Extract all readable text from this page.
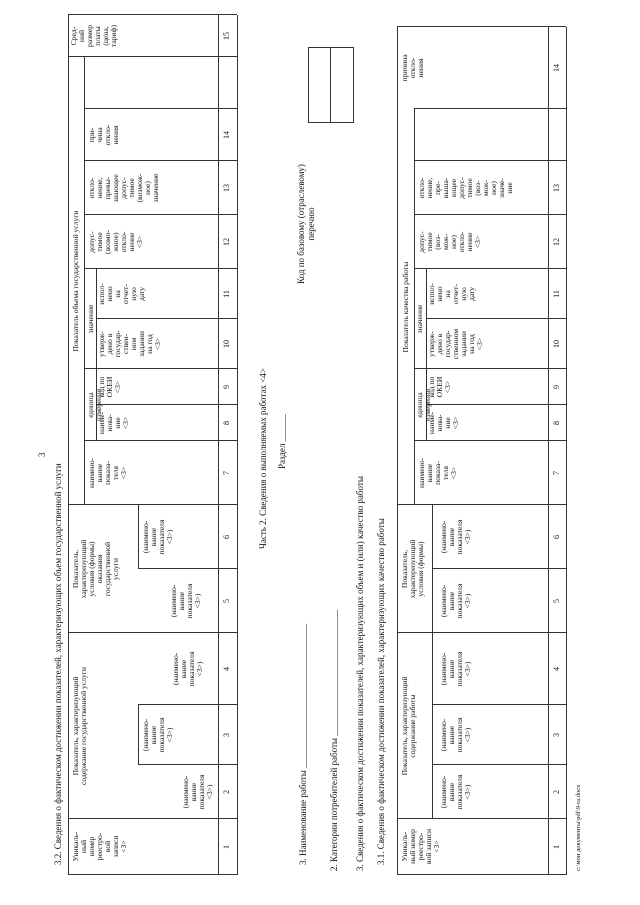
3
3.2. Сведения о фактическом достижении показателей, характеризующих объем государственной услуги Уникаль-
ный
номер
реестро-
вой
записи
<3>
Показатель, характеризующий
содержание государственной услуги
Показатель,
характеризующий
условия (формы)
оказания
государственной
услуги
Показатель объема государственной услуги
Сред-
ний
размер
платы
(цена,
тариф)
(наимено-
вание
показателя
<3>)
(наимено-
вание
показателя
<3>)
(наимено-
вание
показателя
<3>)
(наимено-
вание
показателя
<3>)
(наимено-
вание
показателя
<3>)
наимено-
вание
показа-
теля
<3>
единица
измерения
наиме-
нова-
ние
<3>
код по
ОКЕИ
<3>
значение
утверж-
дено в
государ-
ствен-
ном
задании
на год
<3>
испол-
нено
на
отчет-
ную
дату
допус-
тимое
(возмо-
жное)
откло-
нение
<3>
откло-
нение,
превы-
шающее
допус-
тимое
(возмож-
ное)
значение
при-
чина
откло-
нения
1
2
3
4
5
6
7
8
9
10
11
12
13
14
15
Часть 2. Сведения о выполняемых работах <4> Раздел ______
3. Наименование работы ________________________________
Код по базовому (отраслевому)
перечню
2. Категории потребителей работы ____________________________ 3. Сведения о фактическом достижении показателей, характеризующих объем и (или) качество работы 3.1. Сведения о фактическом достижении показателей, характеризующих качество работы Уникаль-
ный номер
реестро-
вой записи
<3>
Показатель, характеризующий
содержание работы
Показатель,
характеризующий
условия (формы)
Показатель качества работы
причина
откло-
нения
(наимено-
вание
показателя
<3>)
(наимено-
вание
показателя
<3>)
(наимено-
вание
показателя
<3>)
(наимено-
вание
показателя
<3>)
(наимено-
вание
показателя
<3>)
наимено-
вание
показа-
теля
<3>
единица
измерения
наиме-
нова-
ние
<3>
код по
ОКЕИ
<3>
значение
утверж-
дено в
государ-
ственном
задании
на год
<3>
испол-
нено
на
отчет-
ную
дату
допус-
тимое
(воз-
мож-
ное)
откло-
нение
<3>
откло-
нение,
пре-
выша-
ющее
допус-
тимое
(воз-
мож-
ное)
значе-
ние
1
2
3
4
5
6
7
8
9
10
11
12
13
14
c:\мои документы\pdf\9-ra.docx
